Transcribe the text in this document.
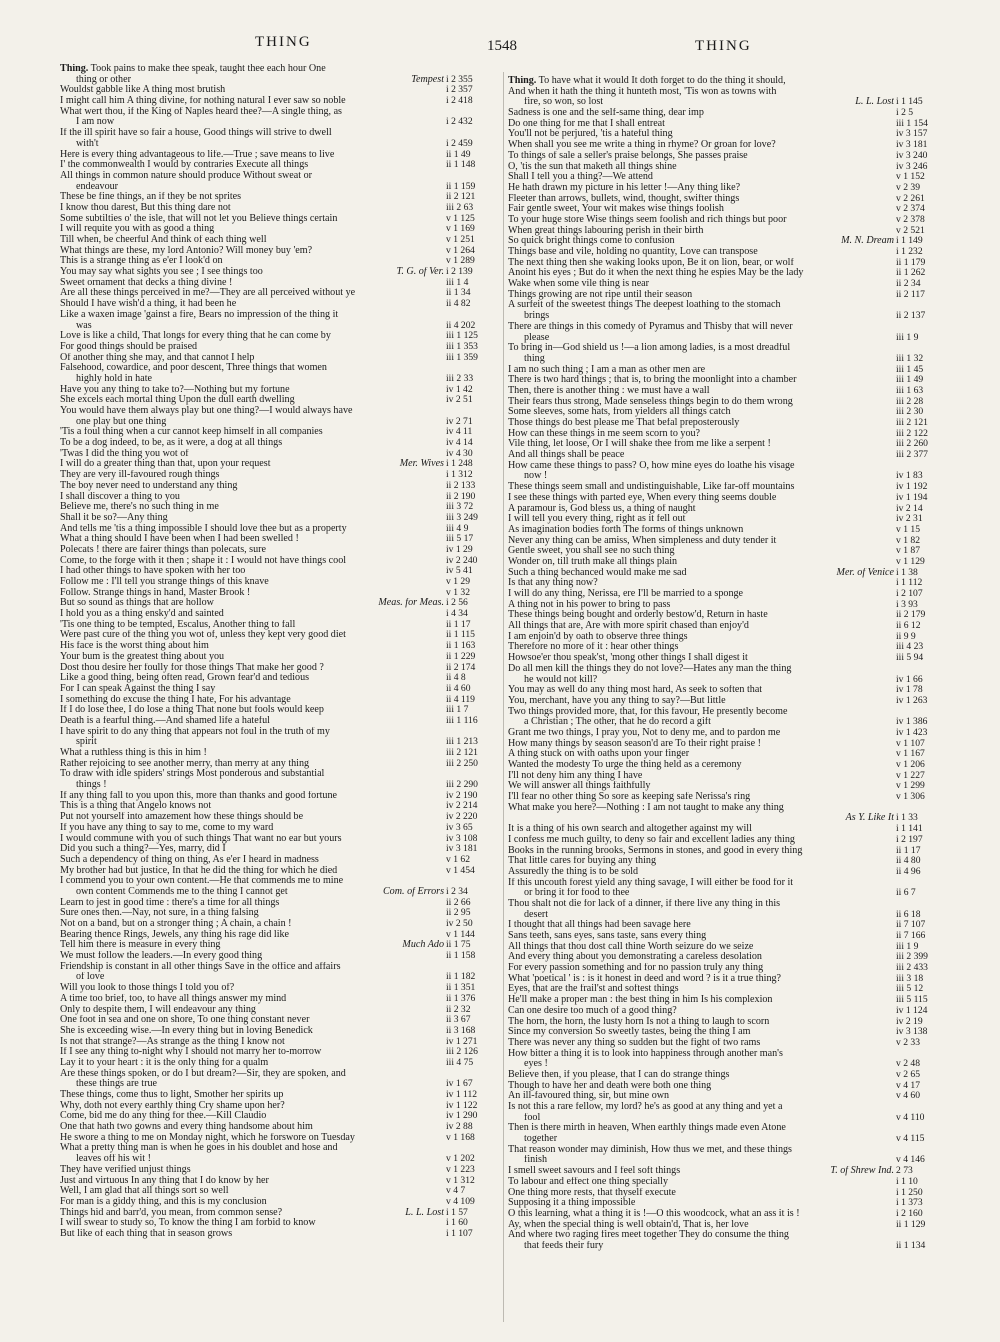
THING	1548	THING
Thing. Took pains to make thee speak, taught thee each hour One
thing or other	Tempest i 2 355
Wouldst gabble like A thing most brutish	i 2 357
I might call him A thing divine, for nothing natural I ever saw so noble	i 2 418
What wert thou, if the King of Naples heard thee?—A single thing, as
I am now	i 2 432
If the ill spirit have so fair a house, Good things will strive to dwell
with't	i 2 459
Here is every thing advantageous to life.—True ; save means to live	ii 1 49
I' the commonwealth I would by contraries Execute all things	ii 1 148
All things in common nature should produce Without sweat or
endeavour	ii 1 159
These be fine things, an if they be not sprites	ii 2 121
I know thou darest, But this thing dare not	iii 2 63
Some subtilties o' the isle, that will not let you Believe things certain	v 1 125
I will requite you with as good a thing	v 1 169
Till when, be cheerful And think of each thing well	v 1 251
What things are these, my lord Antonio? Will money buy 'em?	v 1 264
This is a strange thing as e'er I look'd on	v 1 289
You may say what sights you see ; I see things too	T. G. of Ver. i 2 139
Sweet ornament that decks a thing divine !	iii 1 4
Are all these things perceived in me?—They are all perceived without ye	ii 1 34
Should I have wish'd a thing, it had been he	ii 4 82
Like a waxen image 'gainst a fire, Bears no impression of the thing it
was	ii 4 202
Love is like a child, That longs for every thing that he can come by	iii 1 125
For good things should be praised	iii 1 353
Of another thing she may, and that cannot I help	iii 1 359
Falsehood, cowardice, and poor descent, Three things that women
highly hold in hate	iii 2 33
Have you any thing to take to?—Nothing but my fortune	iv 1 42
She excels each mortal thing Upon the dull earth dwelling	iv 2 51
You would have them always play but one thing?—I would always have
one play but one thing	iv 2 71
'Tis a foul thing when a cur cannot keep himself in all companies	iv 4 11
To be a dog indeed, to be, as it were, a dog at all things	iv 4 14
'Twas I did the thing you wot of	iv 4 30
I will do a greater thing than that, upon your request	Mer. Wives i 1 248
They are very ill-favoured rough things	i 1 312
The boy never need to understand any thing	ii 2 133
I shall discover a thing to you	ii 2 190
Believe me, there's no such thing in me	iii 3 72
Shall it be so?—Any thing	iii 3 249
And tells me 'tis a thing impossible I should love thee but as a property	iii 4 9
What a thing should I have been when I had been swelled !	iii 5 17
Polecats ! there are fairer things than polecats, sure	iv 1 29
Come, to the forge with it then ; shape it : I would not have things cool	iv 2 240
I had other things to have spoken with her too	iv 5 41
Follow me : I'll tell you strange things of this knave	v 1 29
Follow. Strange things in hand, Master Brook !	v 1 32
But so sound as things that are hollow	Meas. for Meas. i 2 56
I hold you as a thing ensky'd and sainted	i 4 34
'Tis one thing to be tempted, Escalus, Another thing to fall	ii 1 17
Were past cure of the thing you wot of, unless they kept very good diet	ii 1 115
His face is the worst thing about him	ii 1 163
Your bum is the greatest thing about you	ii 1 229
Dost thou desire her foully for those things That make her good ?	ii 2 174
Like a good thing, being often read, Grown fear'd and tedious	ii 4 8
For I can speak Against the thing I say	ii 4 60
I something do excuse the thing I hate, For his advantage	ii 4 119
If I do lose thee, I do lose a thing That none but fools would keep	iii 1 7
Death is a fearful thing.—And shamed life a hateful	iii 1 116
I have spirit to do any thing that appears not foul in the truth of my
spirit	iii 1 213
What a ruthless thing is this in him !	iii 2 121
Rather rejoicing to see another merry, than merry at any thing	iii 2 250
To draw with idle spiders' strings Most ponderous and substantial
things !	iii 2 290
If any thing fall to you upon this, more than thanks and good fortune	iv 2 190
This is a thing that Angelo knows not	iv 2 214
Put not yourself into amazement how these things should be	iv 2 220
If you have any thing to say to me, come to my ward	iv 3 65
I would commune with you of such things That want no ear but yours	iv 3 108
Did you such a thing?—Yes, marry, did I	iv 3 181
Such a dependency of thing on thing, As e'er I heard in madness	v 1 62
My brother had but justice, In that he did the thing for which he died	v 1 454
I commend you to your own content.—He that commends me to mine
own content Commends me to the thing I cannot get	Com. of Errors i 2 34
Learn to jest in good time : there's a time for all things	ii 2 66
Sure ones then.—Nay, not sure, in a thing falsing	ii 2 95
Not on a band, but on a stronger thing ; A chain, a chain !	iv 2 50
Bearing thence Rings, Jewels, any thing his rage did like	v 1 144
Tell him there is measure in every thing	Much Ado ii 1 75
We must follow the leaders.—In every good thing	ii 1 158
Friendship is constant in all other things Save in the office and affairs
of love	ii 1 182
Will you look to those things I told you of?	ii 1 351
A time too brief, too, to have all things answer my mind	ii 1 376
Only to despite them, I will endeavour any thing	ii 2 32
One foot in sea and one on shore, To one thing constant never	ii 3 67
She is exceeding wise.—In every thing but in loving Benedick	ii 3 168
Is not that strange?—As strange as the thing I know not	iv 1 271
If I see any thing to-night why I should not marry her to-morrow	iii 2 126
Lay it to your heart : it is the only thing for a qualm	iii 4 75
Are these things spoken, or do I but dream?—Sir, they are spoken, and
these things are true	iv 1 67
These things, come thus to light, Smother her spirits up	iv 1 112
Why, doth not every earthly thing Cry shame upon her?	iv 1 122
Come, bid me do any thing for thee.—Kill Claudio	iv 1 290
One that hath two gowns and every thing handsome about him	iv 2 88
He swore a thing to me on Monday night, which he forswore on Tuesday	v 1 168
What a pretty thing man is when he goes in his doublet and hose and
leaves off his wit !	v 1 202
They have verified unjust things	v 1 223
Just and virtuous In any thing that I do know by her	v 1 312
Well, I am glad that all things sort so well	v 4 7
For man is a giddy thing, and this is my conclusion	v 4 109
Things hid and barr'd, you mean, from common sense?	L. L. Lost i 1 57
I will swear to study so, To know the thing I am forbid to know	i 1 60
But like of each thing that in season grows	i 1 107
Thing. To have what it would It doth forget to do the thing it should,
And when it hath the thing it hunteth most, 'Tis won as towns with
fire, so won, so lost	L. L. Lost i 1 145
Sadness is one and the self-same thing, dear imp	i 2 5
Do one thing for me that I shall entreat	iii 1 154
You'll not be perjured, 'tis a hateful thing	iv 3 157
When shall you see me write a thing in rhyme? Or groan for love?	iv 3 181
To things of sale a seller's praise belongs, She passes praise	iv 3 240
O, 'tis the sun that maketh all things shine	iv 3 246
Shall I tell you a thing?—We attend	v 1 152
He hath drawn my picture in his letter !—Any thing like?	v 2 39
Fleeter than arrows, bullets, wind, thought, swifter things	v 2 261
Fair gentle sweet, Your wit makes wise things foolish	v 2 374
To your huge store Wise things seem foolish and rich things but poor	v 2 378
When great things labouring perish in their birth	v 2 521
So quick bright things come to confusion	M. N. Dream i 1 149
Things base and vile, holding no quantity, Love can transpose	i 1 232
The next thing then she waking looks upon, Be it on lion, bear, or wolf	ii 1 179
Anoint his eyes ; But do it when the next thing he espies May be the lady	ii 1 262
Wake when some vile thing is near	ii 2 34
Things growing are not ripe until their season	ii 2 117
A surfeit of the sweetest things The deepest loathing to the stomach
brings	ii 2 137
There are things in this comedy of Pyramus and Thisby that will never
please	iii 1 9
To bring in—God shield us !—a lion among ladies, is a most dreadful
thing	iii 1 32
I am no such thing ; I am a man as other men are	iii 1 45
There is two hard things ; that is, to bring the moonlight into a chamber	iii 1 49
Then, there is another thing : we must have a wall	iii 1 63
Their fears thus strong, Made senseless things begin to do them wrong	iii 2 28
Some sleeves, some hats, from yielders all things catch	iii 2 30
Those things do best please me That befal preposterously	iii 2 121
How can these things in me seem scorn to you?	iii 2 122
Vile thing, let loose, Or I will shake thee from me like a serpent !	iii 2 260
And all things shall be peace	iii 2 377
How came these things to pass? O, how mine eyes do loathe his visage
now !	iv 1 83
These things seem small and undistinguishable, Like far-off mountains	iv 1 192
I see these things with parted eye, When every thing seems double	iv 1 194
A paramour is, God bless us, a thing of naught	iv 2 14
I will tell you every thing, right as it fell out	iv 2 31
As imagination bodies forth The forms of things unknown	v 1 15
Never any thing can be amiss, When simpleness and duty tender it	v 1 82
Gentle sweet, you shall see no such thing	v 1 87
Wonder on, till truth make all things plain	v 1 129
Such a thing bechanced would make me sad	Mer. of Venice i 1 38
Is that any thing now?	i 1 112
I will do any thing, Nerissa, ere I'll be married to a sponge	i 2 107
A thing not in his power to bring to pass	i 3 93
These things being bought and orderly bestow'd, Return in haste	ii 2 179
All things that are, Are with more spirit chased than enjoy'd	ii 6 12
I am enjoin'd by oath to observe three things	ii 9 9
Therefore no more of it : hear other things	iii 4 23
Howsoe'er thou speak'st, 'mong other things I shall digest it	iii 5 94
Do all men kill the things they do not love?—Hates any man the thing
he would not kill?	iv 1 66
You may as well do any thing most hard, As seek to soften that	iv 1 78
You, merchant, have you any thing to say?—But little	iv 1 263
Two things provided more, that, for this favour, He presently become
a Christian ; The other, that he do record a gift	iv 1 386
Grant me two things, I pray you, Not to deny me, and to pardon me	iv 1 423
How many things by season season'd are To their right praise !	v 1 107
A thing stuck on with oaths upon your finger	v 1 167
Wanted the modesty To urge the thing held as a ceremony	v 1 206
I'll not deny him any thing I have	v 1 227
We will answer all things faithfully	v 1 299
I'll fear no other thing So sore as keeping safe Nerissa's ring	v 1 306
What make you here?—Nothing : I am not taught to make any thing
As Y. Like It i 1 33
It is a thing of his own search and altogether against my will	i 1 141
I confess me much guilty, to deny so fair and excellent ladies any thing	i 2 197
Books in the running brooks, Sermons in stones, and good in every thing	ii 1 17
That little cares for buying any thing	ii 4 80
Assuredly the thing is to be sold	ii 4 96
If this uncouth forest yield any thing savage, I will either be food for it
or bring it for food to thee	ii 6 7
Thou shalt not die for lack of a dinner, if there live any thing in this
desert	ii 6 18
I thought that all things had been savage here	ii 7 107
Sans teeth, sans eyes, sans taste, sans every thing	ii 7 166
All things that thou dost call thine Worth seizure do we seize	iii 1 9
And every thing about you demonstrating a careless desolation	iii 2 399
For every passion something and for no passion truly any thing	iii 2 433
What 'poetical ' is : is it honest in deed and word ? is it a true thing?	iii 3 18
Eyes, that are the frail'st and softest things	iii 5 12
He'll make a proper man : the best thing in him Is his complexion	iii 5 115
Can one desire too much of a good thing?	iv 1 124
The horn, the horn, the lusty horn Is not a thing to laugh to scorn	iv 2 19
Since my conversion So sweetly tastes, being the thing I am	iv 3 138
There was never any thing so sudden but the fight of two rams	v 2 33
How bitter a thing it is to look into happiness through another man's
eyes !	v 2 48
Believe then, if you please, that I can do strange things	v 2 65
Though to have her and death were both one thing	v 4 17
An ill-favoured thing, sir, but mine own	v 4 60
Is not this a rare fellow, my lord? he's as good at any thing and yet a
fool	v 4 110
Then is there mirth in heaven, When earthly things made even Atone
together	v 4 115
That reason wonder may diminish, How thus we met, and these things
finish	v 4 146
I smell sweet savours and I feel soft things	T. of Shrew Ind. 2 73
To labour and effect one thing specially	i 1 10
One thing more rests, that thyself execute	i 1 250
Supposing it a thing impossible	i 1 373
O this learning, what a thing it is !—O this woodcock, what an ass it is !	i 2 160
Ay, when the special thing is well obtain'd, That is, her love	ii 1 129
And where two raging fires meet together They do consume the thing
that feeds their fury	ii 1 134
